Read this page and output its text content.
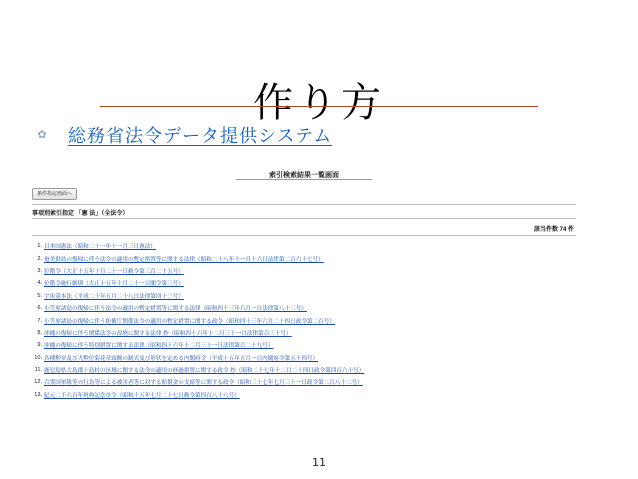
作り方
✿ 総務省法令データ提供システム
索引検索結果一覧画面
条件指定画面へ
事項別索引指定 「憲 法」（全法令）
該当件数 74 件
1. 日本国憲法（昭和二十一年十一月三日憲法）
2. 奄美群島の復帰に伴う法令の適用の暫定措置等に関する法律（昭和二十八年十一月十六日法律第二百六十七号）
3. 位階令（大正十五年十月二十一日勅令第三百二十五号）
4. 位階令施行細則（大正十五年十月二十一日閣令第三号）
5. 宇宙基本法（平成二十年五月二十八日法律第四十三号）
6. 小笠原諸島の復帰に伴う法令の適用の暫定措置等に関する法律（昭和四十三年六月一日法律第八十三号）
7. 小笠原諸島の復帰に伴う防衛庁関係法令の適用の暫定措置に関する政令（昭和四十三年六月二十四日政令第二百号）
8. 沖縄の復帰に伴う関係法令の改廃に関する法律 抄（昭和四十六年十二月三十一日法律第百三十号）
9. 沖縄の復帰に伴う特別措置に関する法律（昭和四十六年十二月三十一日法律第百二十九号）
10. 各種勲章及び大勲位菊花章頸飾の制式及び形状を定める内閣府令（平成十五年五月一日内閣府令第五十四号）
11. 鹿児島県大島郡十島村の区域に関する法令の適用の経過措置に関する政令 抄（昭和二十七年十二月二十四日政令第四百六十号）
12. 合衆国軍隊等の行為等による被害者等に対する賠償金の支給等に関する政令（昭和三十七年七月三十一日政令第二百八十二号）
13. 紀元二千六百年祝典記念章令（昭和十五年七月二十七日勅令第四百八十八号）
11
